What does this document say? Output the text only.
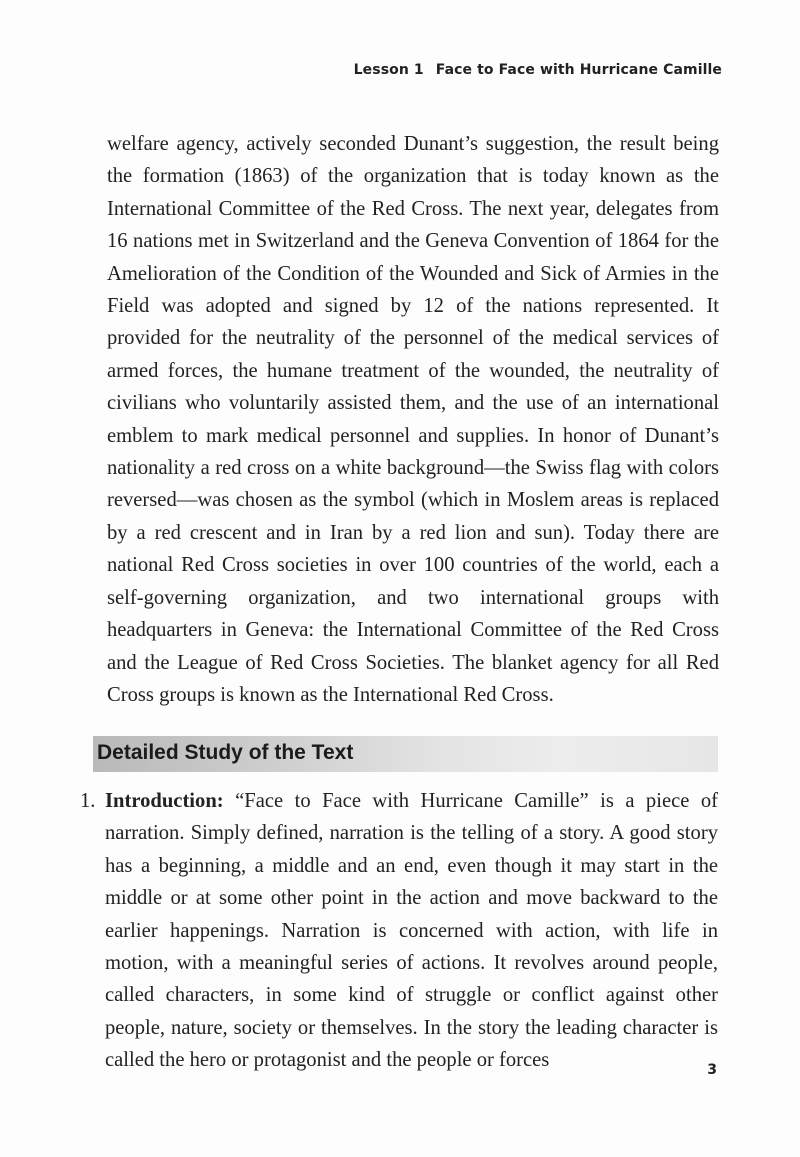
Lesson 1 Face to Face with Hurricane Camille

welfare agency, actively seconded Dunant’s suggestion, the result being the formation (1863) of the organization that is today known as the International Committee of the Red Cross. The next year, delegates from 16 nations met in Switzerland and the Geneva Convention of 1864 for the Amelioration of the Condition of the Wounded and Sick of Armies in the Field was adopted and signed by 12 of the nations represented. It provided for the neutrality of the personnel of the medical services of armed forces, the humane treatment of the wounded, the neutrality of civilians who voluntarily assisted them, and the use of an international emblem to mark medical personnel and supplies. In honor of Dunant’s nationality a red cross on a white background—the Swiss flag with colors reversed—was chosen as the symbol (which in Moslem areas is replaced by a red crescent and in Iran by a red lion and sun). Today there are national Red Cross societies in over 100 countries of the world, each a self-governing organization, and two international groups with headquarters in Geneva: the International Committee of the Red Cross and the League of Red Cross Societies. The blanket agency for all Red Cross groups is known as the International Red Cross.

Detailed Study of the Text
1. Introduction: “Face to Face with Hurricane Camille” is a piece of narration. Simply defined, narration is the telling of a story. A good story has a beginning, a middle and an end, even though it may start in the middle or at some other point in the action and move backward to the earlier happenings. Narration is concerned with action, with life in motion, with a meaningful series of actions. It revolves around people, called characters, in some kind of struggle or conflict against other people, nature, society or themselves. In the story the leading character is called the hero or protagonist and the people or forces	3
